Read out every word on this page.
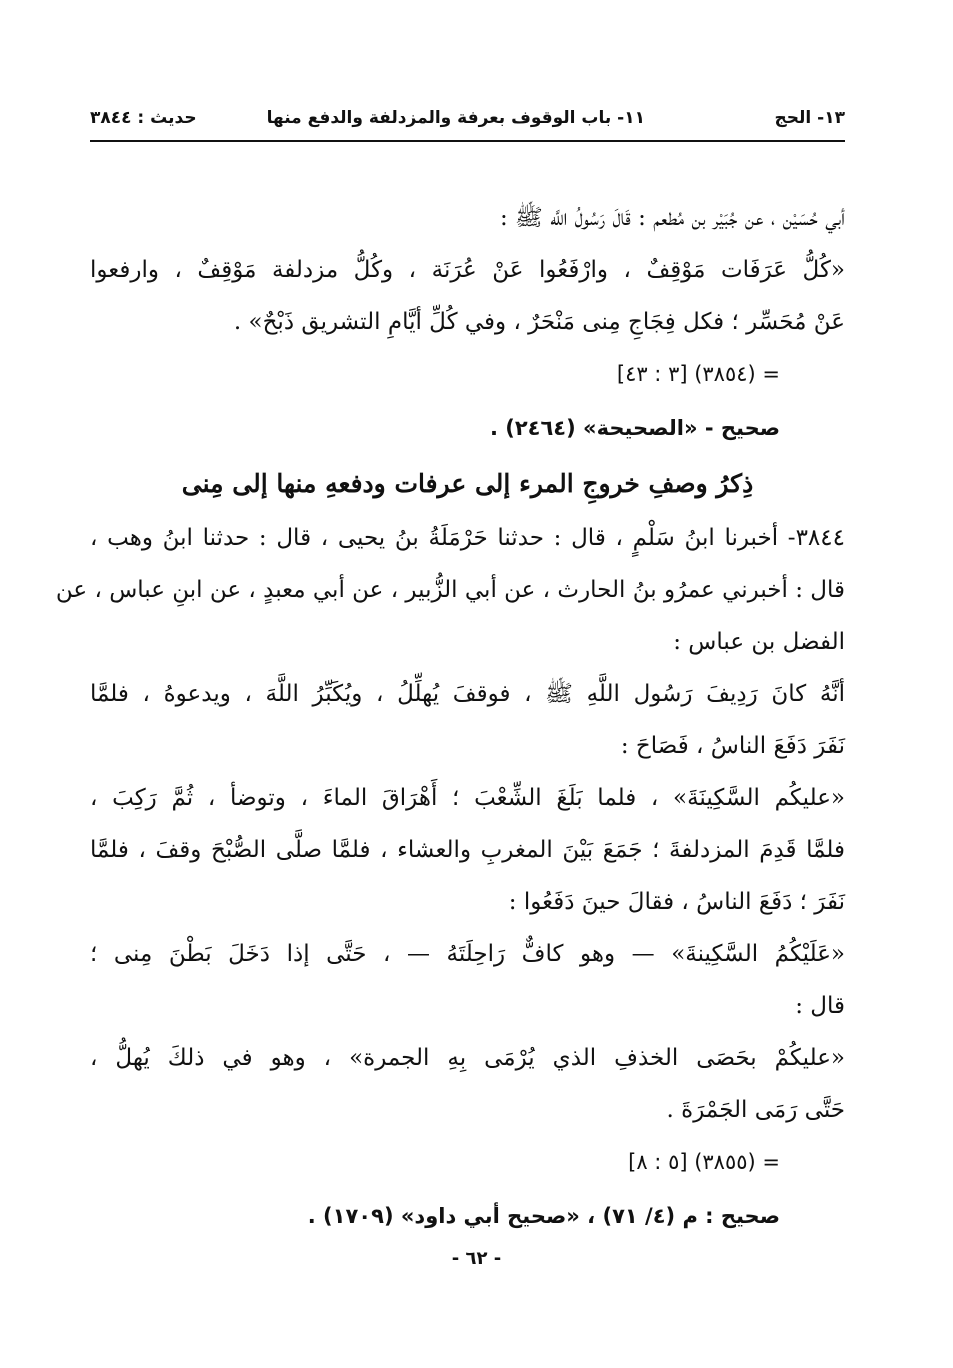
١٣- الحج
١١- باب الوقوف بعرفة والمزدلفة والدفع منها
حديث : ٣٨٤٤
أبي حُسَيْن ، عن جُبَيْر بن مُطعم : قَالَ رَسُولُ اللَّه ﷺ :
«كُلُّ عَرَفَات مَوْقِفٌ ، وارْفَعُوا عَنْ عُرَنَة ، وكُلُّ مزدلفة مَوْقِفٌ ، وارفعوا
عَنْ مُحَسِّر ؛ فكل فِجَاجِ مِنى مَنْحَرٌ ، وفي كُلِّ أيَّامِ التشريق ذَبْحٌ» .
= (٣٨٥٤) [٣ : ٤٣]
صحيح - «الصحيحة» (٢٤٦٤) .
ذِكرُ وصفِ خروجِ المرء إلى عرفات ودفعهِ منها إلى مِنى
٣٨٤٤- أخبرنا ابنُ سَلْمٍ ، قال : حدثنا حَرْمَلَةُ بنُ يحيى ، قال : حدثنا ابنُ وهب ،
قال : أخبرني عمرُو بنُ الحارث ، عن أبي الزُّبير ، عن أبي معبدٍ ، عن ابنِ عباس ، عن
الفضل بن عباس :
أنَّهُ كانَ رَدِيفَ رَسُول اللَّهِ ﷺ ، فوقفَ يُهلِّلُ ، ويُكَبِّرُ اللَّهَ ، ويدعوهُ ، فلمَّا
نَفَرَ دَفَعَ الناسُ ، فَصَاحَ :
«عليكُم السَّكِينَةَ» ، فلما بَلَغَ الشِّعْبَ ؛ أَهْرَاقَ الماءَ ، وتوضأ ، ثُمَّ رَكِبَ ،
فلمَّا قَدِمَ المزدلفةَ ؛ جَمَعَ بَيْنَ المغربِ والعشاء ، فلمَّا صلَّى الصُّبْحَ وقفَ ، فلمَّا
نَفَرَ ؛ دَفَعَ الناسُ ، فقالَ حينَ دَفَعُوا :
«عَلَيْكُمُ السَّكِينةَ» — وهو كافٌّ رَاحِلَتَهُ — ، حَتَّى إذا دَخَلَ بَطْنَ مِنى ؛
قال :
«عليكُمْ بحَصَى الخذفِ الذي يُرْمَى بِهِ الجمرة» ، وهو في ذلكَ يُهلُّ ،
حَتَّى رَمَى الجَمْرَةَ .
= (٣٨٥٥) [٥ : ٨]
صحيح : م (٤/ ٧١) ، «صحيح أبي داود» (١٧٠٩) .
- ٦٢ -
